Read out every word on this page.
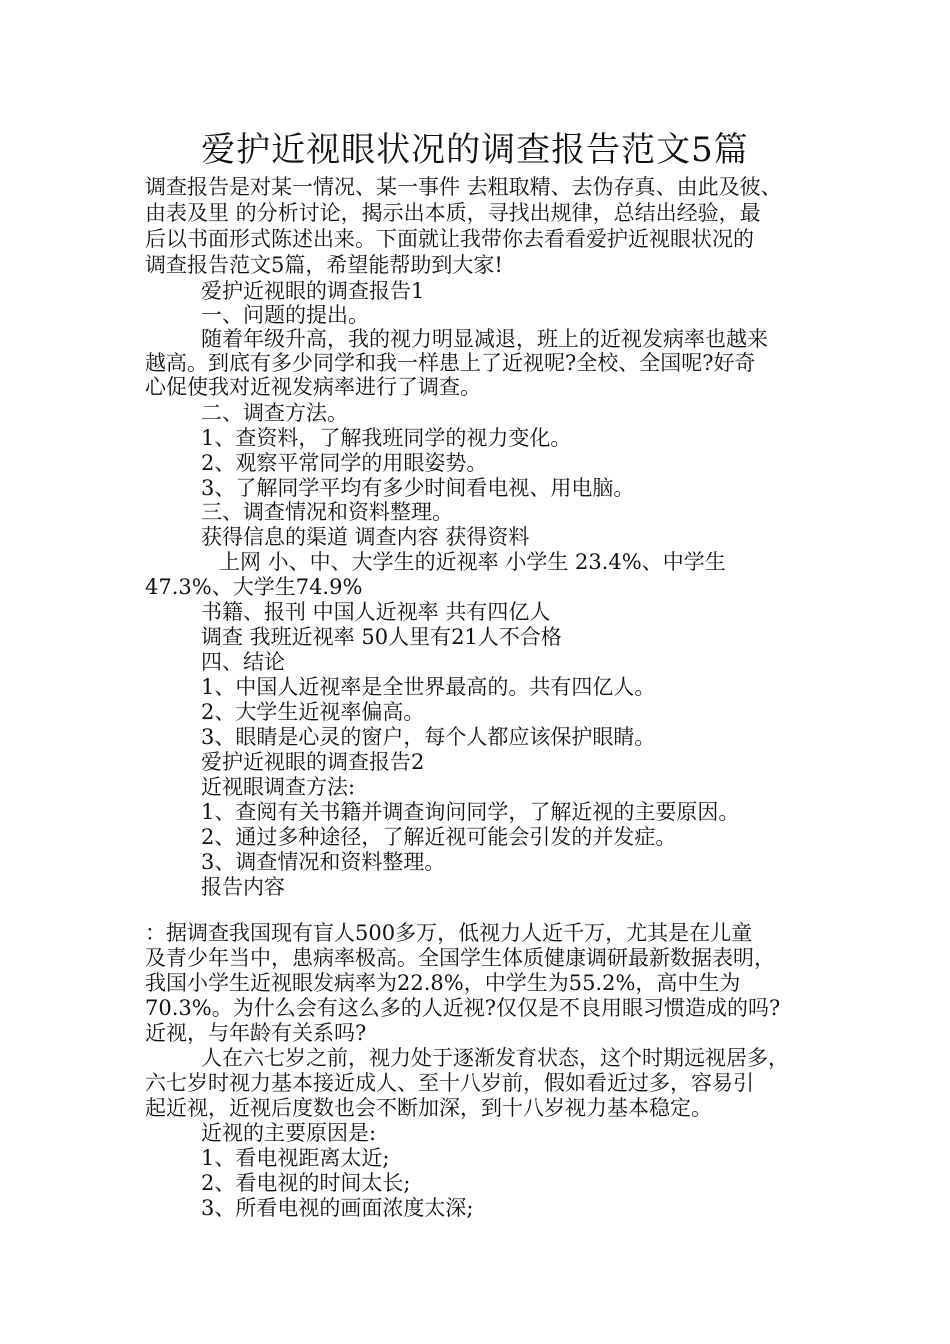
爱护近视眼状况的调查报告范文5篇
调查报告是对某一情况、某一事件 去粗取精、去伪存真、由此及彼、
由表及里 的分析讨论，揭示出本质，寻找出规律，总结出经验，最
后以书面形式陈述出来。下面就让我带你去看看爱护近视眼状况的
调查报告范文5篇，希望能帮助到大家!
爱护近视眼的调查报告1
一、问题的提出。
随着年级升高，我的视力明显减退，班上的近视发病率也越来
越高。到底有多少同学和我一样患上了近视呢?全校、全国呢?好奇
心促使我对近视发病率进行了调查。
二、调查方法。
1、查资料，了解我班同学的视力变化。
2、观察平常同学的用眼姿势。
3、了解同学平均有多少时间看电视、用电脑。
三、调查情况和资料整理。
获得信息的渠道 调查内容 获得资料
上网 小、中、大学生的近视率 小学生 23.4%、中学生
47.3%、大学生74.9%
书籍、报刊 中国人近视率 共有四亿人
调查 我班近视率 50人里有21人不合格
四、结论
1、中国人近视率是全世界最高的。共有四亿人。
2、大学生近视率偏高。
3、眼睛是心灵的窗户，每个人都应该保护眼睛。
爱护近视眼的调查报告2
近视眼调查方法:
1、查阅有关书籍并调查询问同学，了解近视的主要原因。
2、通过多种途径，了解近视可能会引发的并发症。
3、调查情况和资料整理。
报告内容
：据调查我国现有盲人500多万，低视力人近千万，尤其是在儿童
及青少年当中，患病率极高。全国学生体质健康调研最新数据表明，
我国小学生近视眼发病率为22.8%，中学生为55.2%，高中生为
70.3%。为什么会有这么多的人近视?仅仅是不良用眼习惯造成的吗?
近视，与年龄有关系吗?
人在六七岁之前，视力处于逐渐发育状态，这个时期远视居多，
六七岁时视力基本接近成人、至十八岁前，假如看近过多，容易引
起近视，近视后度数也会不断加深，到十八岁视力基本稳定。
近视的主要原因是:
1、看电视距离太近;
2、看电视的时间太长;
3、所看电视的画面浓度太深;
